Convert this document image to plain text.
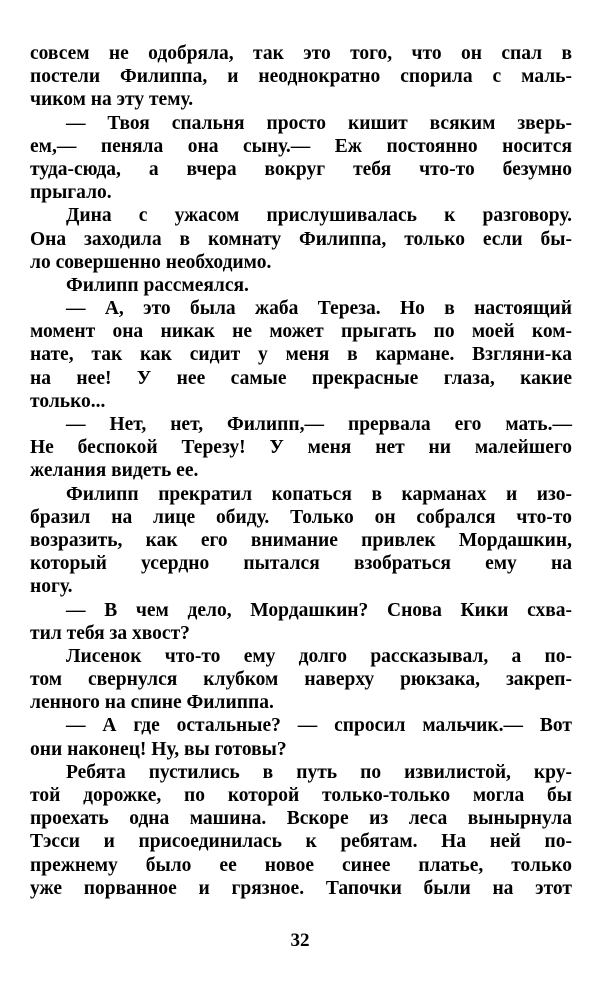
совсем не одобряла, так это того, что он спал в
постели Филиппа, и неоднократно спорила с маль-
чиком на эту тему.
— Твоя спальня просто кишит всяким зверь-
ем,— пеняла она сыну.— Еж постоянно носится
туда-сюда, а вчера вокруг тебя что-то безумно
прыгало.
Дина с ужасом прислушивалась к разговору.
Она заходила в комнату Филиппа, только если бы-
ло совершенно необходимо.
Филипп рассмеялся.
— А, это была жаба Тереза. Но в настоящий
момент она никак не может прыгать по моей ком-
нате, так как сидит у меня в кармане. Взгляни-ка
на нее! У нее самые прекрасные глаза, какие
только...
— Нет, нет, Филипп,— прервала его мать.—
Не беспокой Терезу! У меня нет ни малейшего
желания видеть ее.
Филипп прекратил копаться в карманах и изо-
бразил на лице обиду. Только он собрался что-то
возразить, как его внимание привлек Мордашкин,
который усердно пытался взобраться ему на
ногу.
— В чем дело, Мордашкин? Снова Кики схва-
тил тебя за хвост?
Лисенок что-то ему долго рассказывал, а по-
том свернулся клубком наверху рюкзака, закреп-
ленного на спине Филиппа.
— А где остальные? — спросил мальчик.— Вот
они наконец! Ну, вы готовы?
Ребята пустились в путь по извилистой, кру-
той дорожке, по которой только-только могла бы
проехать одна машина. Вскоре из леса вынырнула
Тэсси и присоединилась к ребятам. На ней по-
прежнему было ее новое синее платье, только
уже порванное и грязное. Тапочки были на этот
32
